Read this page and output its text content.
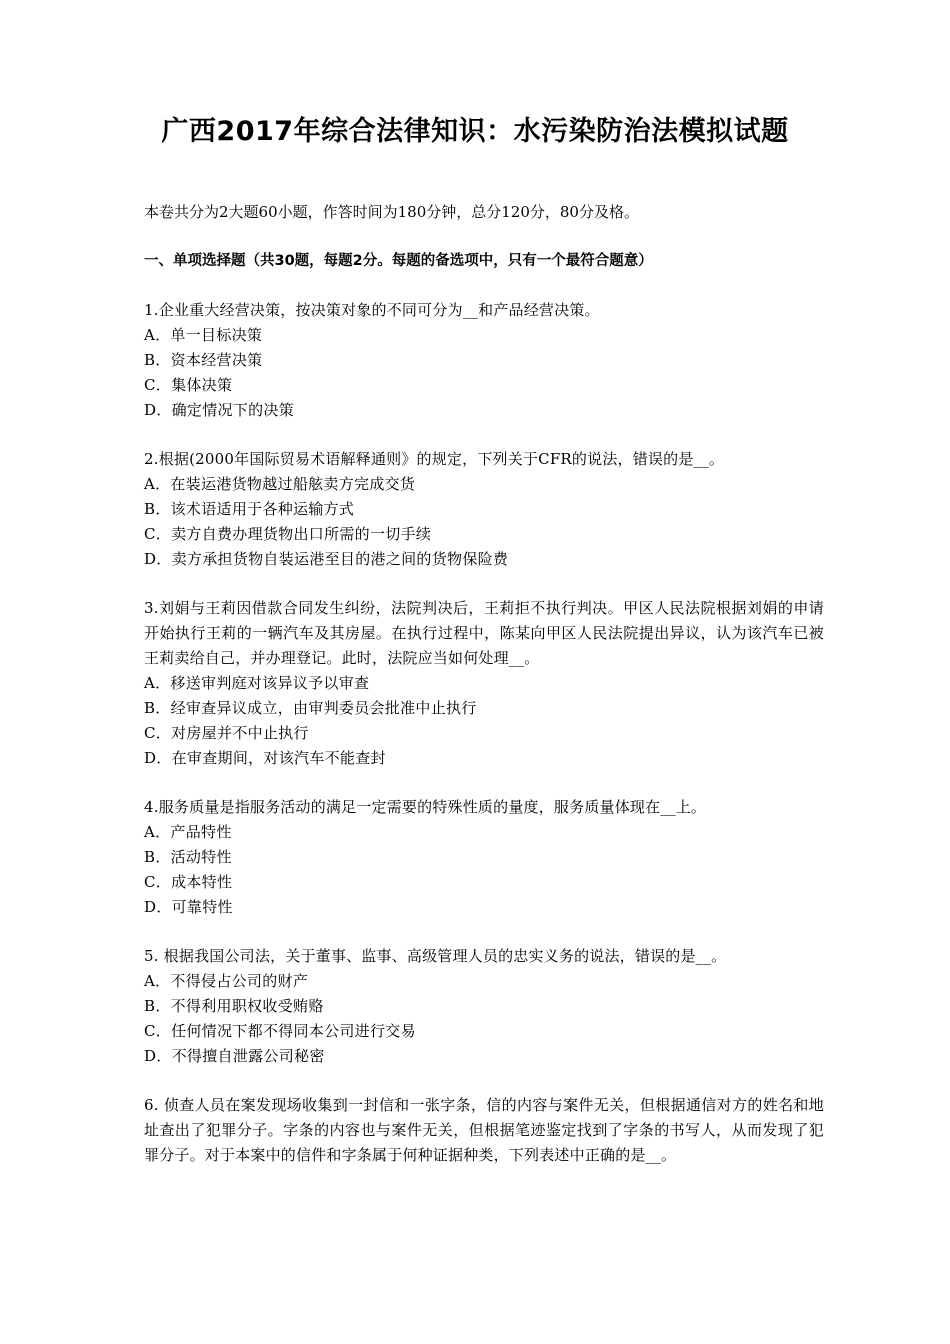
广西2017年综合法律知识：水污染防治法模拟试题
本卷共分为2大题60小题，作答时间为180分钟，总分120分，80分及格。
一、单项选择题（共30题，每题2分。每题的备选项中，只有一个最符合题意）
1.企业重大经营决策，按决策对象的不同可分为__和产品经营决策。
A．单一目标决策
B．资本经营决策
C．集体决策
D．确定情况下的决策
2.根据(2000年国际贸易术语解释通则》的规定，下列关于CFR的说法，错误的是__。
A．在装运港货物越过船舷卖方完成交货
B．该术语适用于各种运输方式
C．卖方自费办理货物出口所需的一切手续
D．卖方承担货物自装运港至目的港之间的货物保险费
3.刘娟与王莉因借款合同发生纠纷，法院判决后，王莉拒不执行判决。甲区人民法院根据刘娟的申请开始执行王莉的一辆汽车及其房屋。在执行过程中，陈某向甲区人民法院提出异议，认为该汽车已被王莉卖给自己，并办理登记。此时，法院应当如何处理__。
A．移送审判庭对该异议予以审查
B．经审查异议成立，由审判委员会批准中止执行
C．对房屋并不中止执行
D．在审查期间，对该汽车不能查封
4.服务质量是指服务活动的满足一定需要的特殊性质的量度，服务质量体现在__上。
A．产品特性
B．活动特性
C．成本特性
D．可靠特性
5. 根据我国公司法，关于董事、监事、高级管理人员的忠实义务的说法，错误的是__。
A．不得侵占公司的财产
B．不得利用职权收受贿赂
C．任何情况下都不得同本公司进行交易
D．不得擅自泄露公司秘密
6. 侦查人员在案发现场收集到一封信和一张字条，信的内容与案件无关，但根据通信对方的姓名和地址查出了犯罪分子。字条的内容也与案件无关，但根据笔迹鉴定找到了字条的书写人，从而发现了犯罪分子。对于本案中的信件和字条属于何种证据种类，下列表述中正确的是__。
